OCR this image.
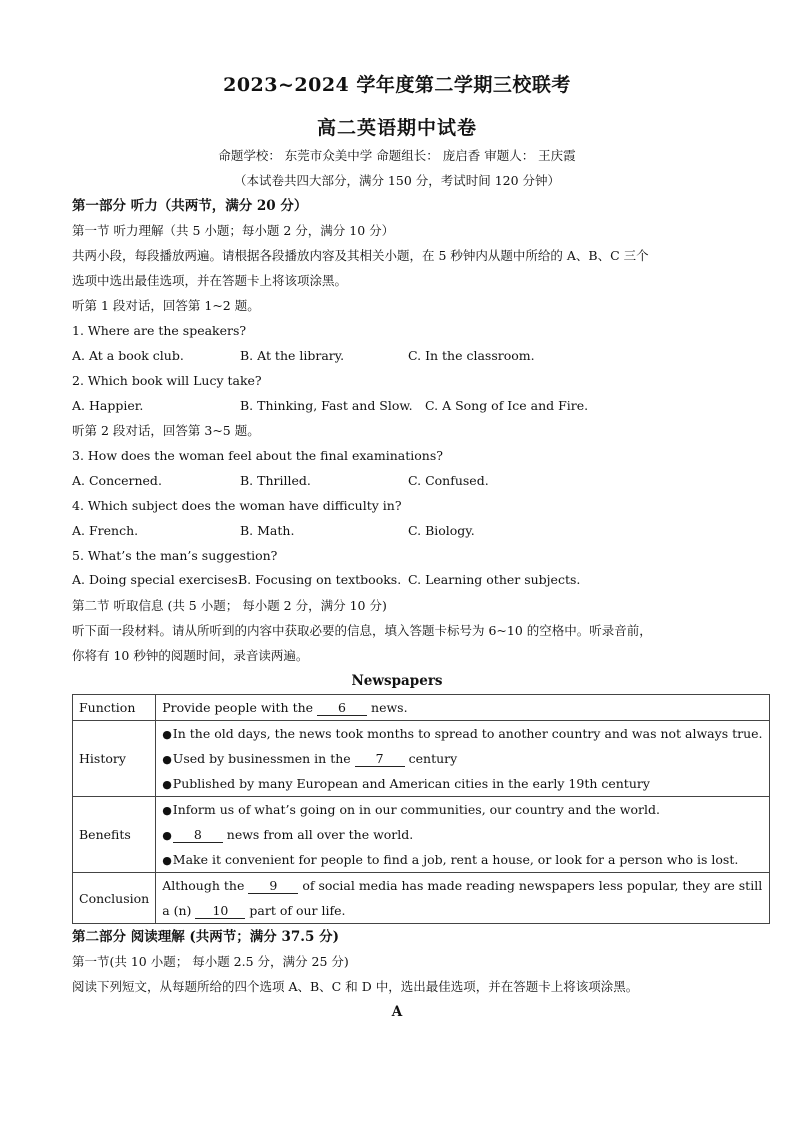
2023~2024 学年度第二学期三校联考
高二英语期中试卷
命题学校： 东莞市众美中学 命题组长： 庞启香 审题人： 王庆霞
（本试卷共四大部分，满分 150 分，考试时间 120 分钟）
第一部分 听力（共两节，满分 20 分）
第一节 听力理解（共 5 小题；每小题 2 分，满分 10 分）
共两小段，每段播放两遍。请根据各段播放内容及其相关小题，在 5 秒钟内从题中所给的 A、B、C 三个
选项中选出最佳选项，并在答题卡上将该项涂黑。
听第 1 段对话，回答第 1~2 题。
1. Where are the speakers?
A. At a book club.	B. At the library.	C. In the classroom.
2. Which book will Lucy take?
A. Happier.	B. Thinking, Fast and Slow. C. A Song of Ice and Fire.
听第 2 段对话，回答第 3~5 题。
3. How does the woman feel about the final examinations?
A. Concerned.	B. Thrilled.	C. Confused.
4. Which subject does the woman have difficulty in?
A. French.	B. Math.	C. Biology.
5. What’s the man’s suggestion?
A. Doing special exercises.
B. Focusing on textbooks. C. Learning other subjects.
第二节 听取信息 (共 5 小题； 每小题 2 分，满分 10 分)
听下面一段材料。请从所听到的内容中获取必要的信息，填入答题卡标号为 6~10 的空格中。听录音前，
你将有 10 秒钟的阅题时间，录音读两遍。
Newspapers
Function	Provide people with the 6 news.

History	●In the old days, the news took months to spread to another country and was not always true.
●Used by businessmen in the 7 century
●Published by many European and American cities in the early 19th century

Benefits	●Inform us of what’s going on in our communities, our country and the world.
● 8 news from all over the world.
●Make it convenient for people to find a job, rent a house, or look for a person who is lost.

Conclusion	Although the 9 of social media has made reading newspapers less popular, they are still
a (n) 10 part of our life.
第二部分 阅读理解 (共两节；满分 37.5 分)
第一节(共 10 小题； 每小题 2.5 分，满分 25 分)
阅读下列短文，从每题所给的四个选项 A、B、C 和 D 中，选出最佳选项，并在答题卡上将该项涂黑。
A
